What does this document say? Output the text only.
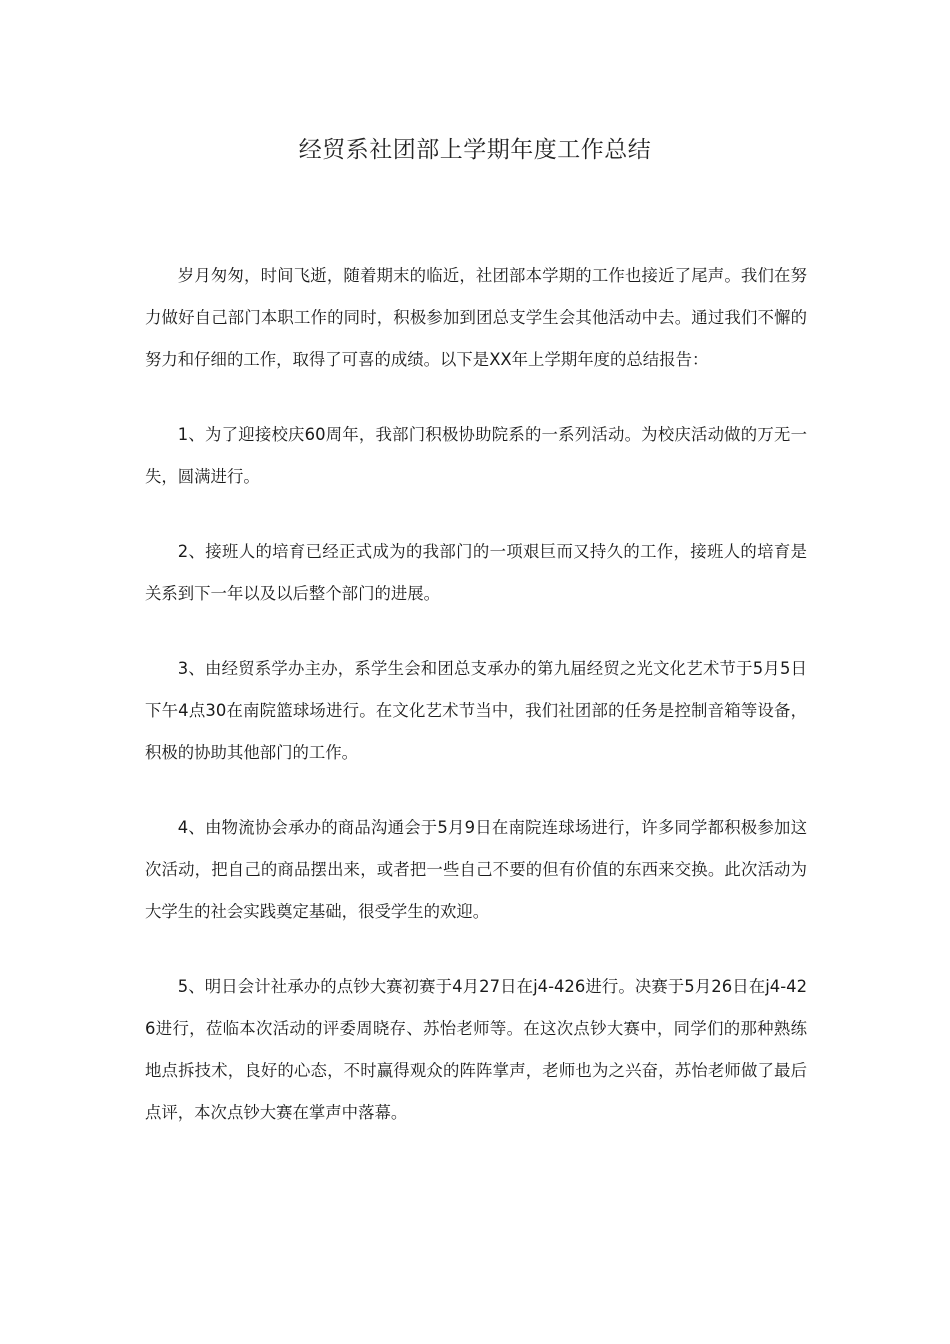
经贸系社团部上学期年度工作总结

岁月匆匆，时间飞逝，随着期末的临近，社团部本学期的工作也接近了尾声。我们在努力做好自己部门本职工作的同时，积极参加到团总支学生会其他活动中去。通过我们不懈的努力和仔细的工作，取得了可喜的成绩。以下是XX年上学期年度的总结报告：

1、为了迎接校庆60周年，我部门积极协助院系的一系列活动。为校庆活动做的万无一失，圆满进行。

2、接班人的培育已经正式成为的我部门的一项艰巨而又持久的工作，接班人的培育是关系到下一年以及以后整个部门的进展。

3、由经贸系学办主办，系学生会和团总支承办的第九届经贸之光文化艺术节于5月5日下午4点30在南院篮球场进行。在文化艺术节当中，我们社团部的任务是控制音箱等设备，积极的协助其他部门的工作。

4、由物流协会承办的商品沟通会于5月9日在南院连球场进行，许多同学都积极参加这次活动，把自己的商品摆出来，或者把一些自己不要的但有价值的东西来交换。此次活动为大学生的社会实践奠定基础，很受学生的欢迎。

5、明日会计社承办的点钞大赛初赛于4月27日在j4-426进行。决赛于5月26日在j4-426进行，莅临本次活动的评委周晓存、苏怡老师等。在这次点钞大赛中，同学们的那种熟练地点拆技术，良好的心态，不时赢得观众的阵阵掌声，老师也为之兴奋，苏怡老师做了最后点评，本次点钞大赛在掌声中落幕。
